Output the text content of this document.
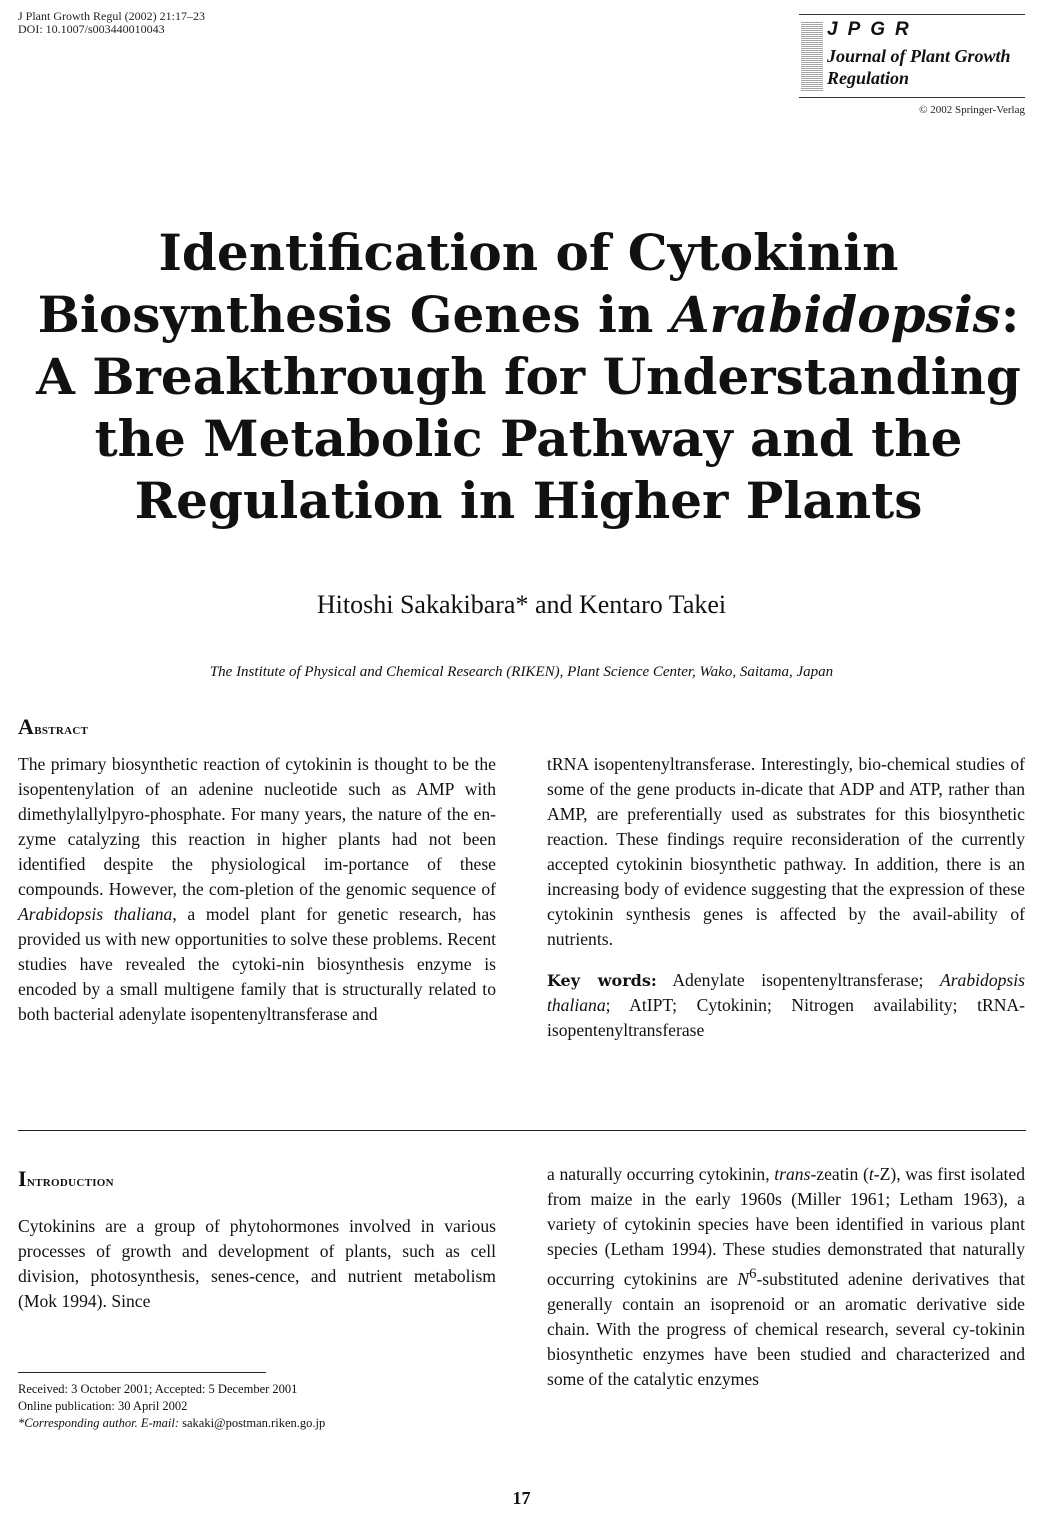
J Plant Growth Regul (2002) 21:17–23
DOI: 10.1007/s003440010043	JPGR
Journal of Plant Growth Regulation
© 2002 Springer-Verlag
Identification of Cytokinin
Biosynthesis Genes in Arabidopsis:
A Breakthrough for Understanding
the Metabolic Pathway and the
Regulation in Higher Plants
Hitoshi Sakakibara* and Kentaro Takei
The Institute of Physical and Chemical Research (RIKEN), Plant Science Center, Wako, Saitama, Japan
Abstract

The primary biosynthetic reaction of cytokinin is thought to be the isopentenylation of an adenine nucleotide such as AMP with dimethylallylpyro-phosphate. For many years, the nature of the en-zyme catalyzing this reaction in higher plants had not been identified despite the physiological im-portance of these compounds. However, the com-pletion of the genomic sequence of Arabidopsis thaliana, a model plant for genetic research, has provided us with new opportunities to solve these problems. Recent studies have revealed the cytoki-nin biosynthesis enzyme is encoded by a small multigene family that is structurally related to both bacterial adenylate isopentenyltransferase and

tRNA isopentenyltransferase. Interestingly, bio-chemical studies of some of the gene products in-dicate that ADP and ATP, rather than AMP, are preferentially used as substrates for this biosynthetic reaction. These findings require reconsideration of the currently accepted cytokinin biosynthetic pathway. In addition, there is an increasing body of evidence suggesting that the expression of these cytokinin synthesis genes is affected by the avail-ability of nutrients.

Key words: Adenylate isopentenyltransferase; Arabidopsis thaliana; AtIPT; Cytokinin; Nitrogen availability; tRNA-isopentenyltransferase

Introduction

Cytokinins are a group of phytohormones involved in various processes of growth and development of plants, such as cell division, photosynthesis, senes-cence, and nutrient metabolism (Mok 1994). Since

a naturally occurring cytokinin, trans-zeatin (t-Z), was first isolated from maize in the early 1960s (Miller 1961; Letham 1963), a variety of cytokinin species have been identified in various plant species (Letham 1994). These studies demonstrated that naturally occurring cytokinins are $N^6$-substituted adenine derivatives that generally contain an isoprenoid or an aromatic derivative side chain. With the progress of chemical research, several cy-tokinin biosynthetic enzymes have been studied and characterized and some of the catalytic enzymes

Received: 3 October 2001; Accepted: 5 December 2001
Online publication: 30 April 2002
*Corresponding author. E-mail: sakaki@postman.riken.go.jp
17
